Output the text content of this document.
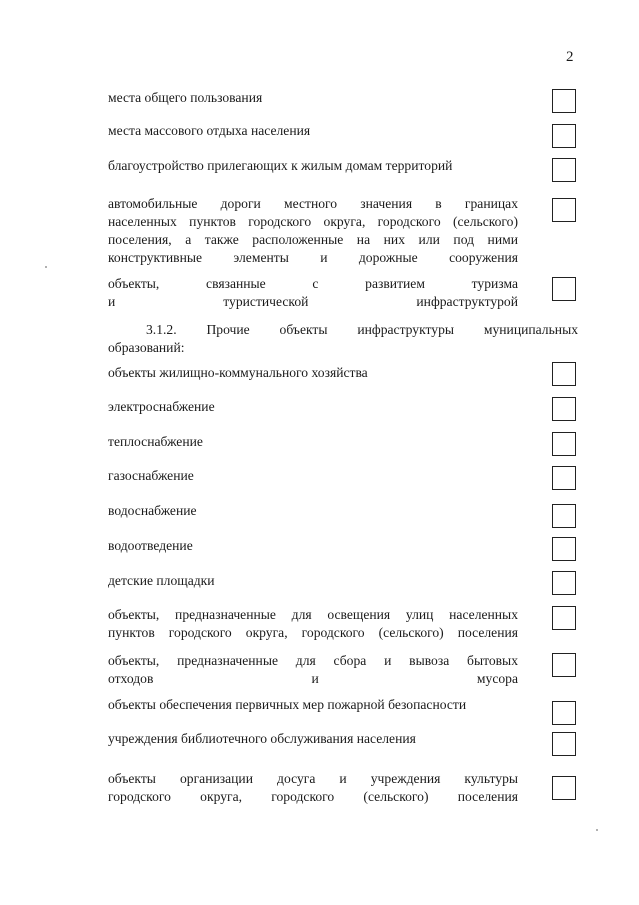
2
места общего пользования
места массового отдыха населения
благоустройство прилегающих к жилым домам территорий
автомобильные дороги местного значения в границах
населенных пунктов городского округа, городского (сельского)
поселения, а также расположенные на них или под ними
конструктивные элементы и дорожные сооружения
объекты, связанные с развитием туризма
и туристической инфраструктурой
3.1.2. Прочие объекты инфраструктуры муниципальных
образований:
объекты жилищно-коммунального хозяйства
электроснабжение
теплоснабжение
газоснабжение
водоснабжение
водоотведение
детские площадки
объекты, предназначенные для освещения улиц населенных
пунктов городского округа, городского (сельского) поселения
объекты, предназначенные для сбора и вывоза бытовых
отходов и мусора
объекты обеспечения первичных мер пожарной безопасности
учреждения библиотечного обслуживания населения
объекты организации досуга и учреждения культуры
городского округа, городского (сельского) поселения
